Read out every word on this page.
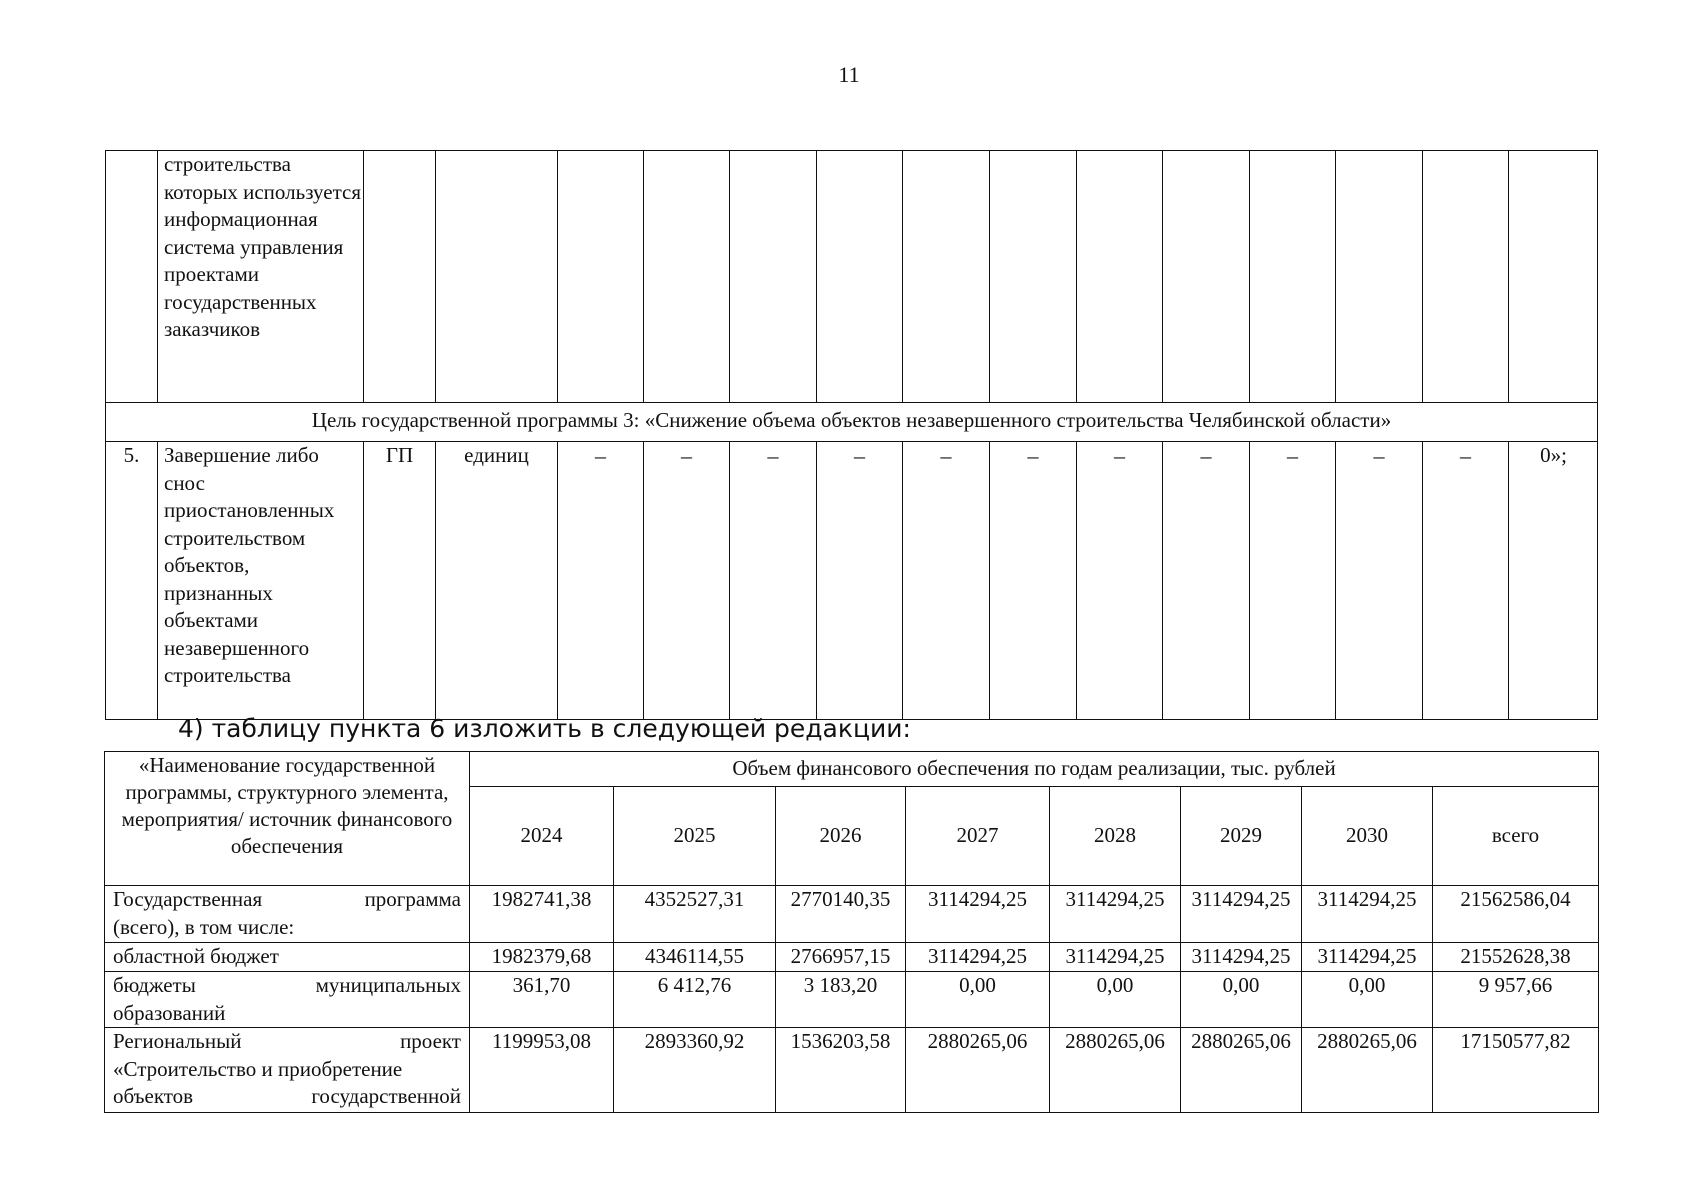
11
	строительства которых используется информационная система управления проектами государственных заказчиков														
Цель государственной программы 3: «Снижение объема объектов незавершенного строительства Челябинской области»															
5.	Завершение либо снос приостановленных строительством объектов, признанных объектами незавершенного строительства	ГП	единиц	–	–	–	–	–	–	–	–	–	–	–	0»;
4) таблицу пункта 6 изложить в следующей редакции:
«Наименование государственной программы, структурного элемента, мероприятия/ источник финансового обеспечения	Объем финансового обеспечения по годам реализации, тыс. рублей							
	2024	2025	2026	2027	2028	2029	2030	всего

Государственная программа
(всего), в том числе:	1982741,38	4352527,31	2770140,35	3114294,25	3114294,25	3114294,25	3114294,25	21562586,04

областной бюджет	1982379,68	4346114,55	2766957,15	3114294,25	3114294,25	3114294,25	3114294,25	21552628,38

бюджеты муниципальных
образований	361,70	6 412,76	3 183,20	0,00	0,00	0,00	0,00	9 957,66

Региональный проект
«Строительство и приобретение
объектов государственной	1199953,08	2893360,92	1536203,58	2880265,06	2880265,06	2880265,06	2880265,06	17150577,82
